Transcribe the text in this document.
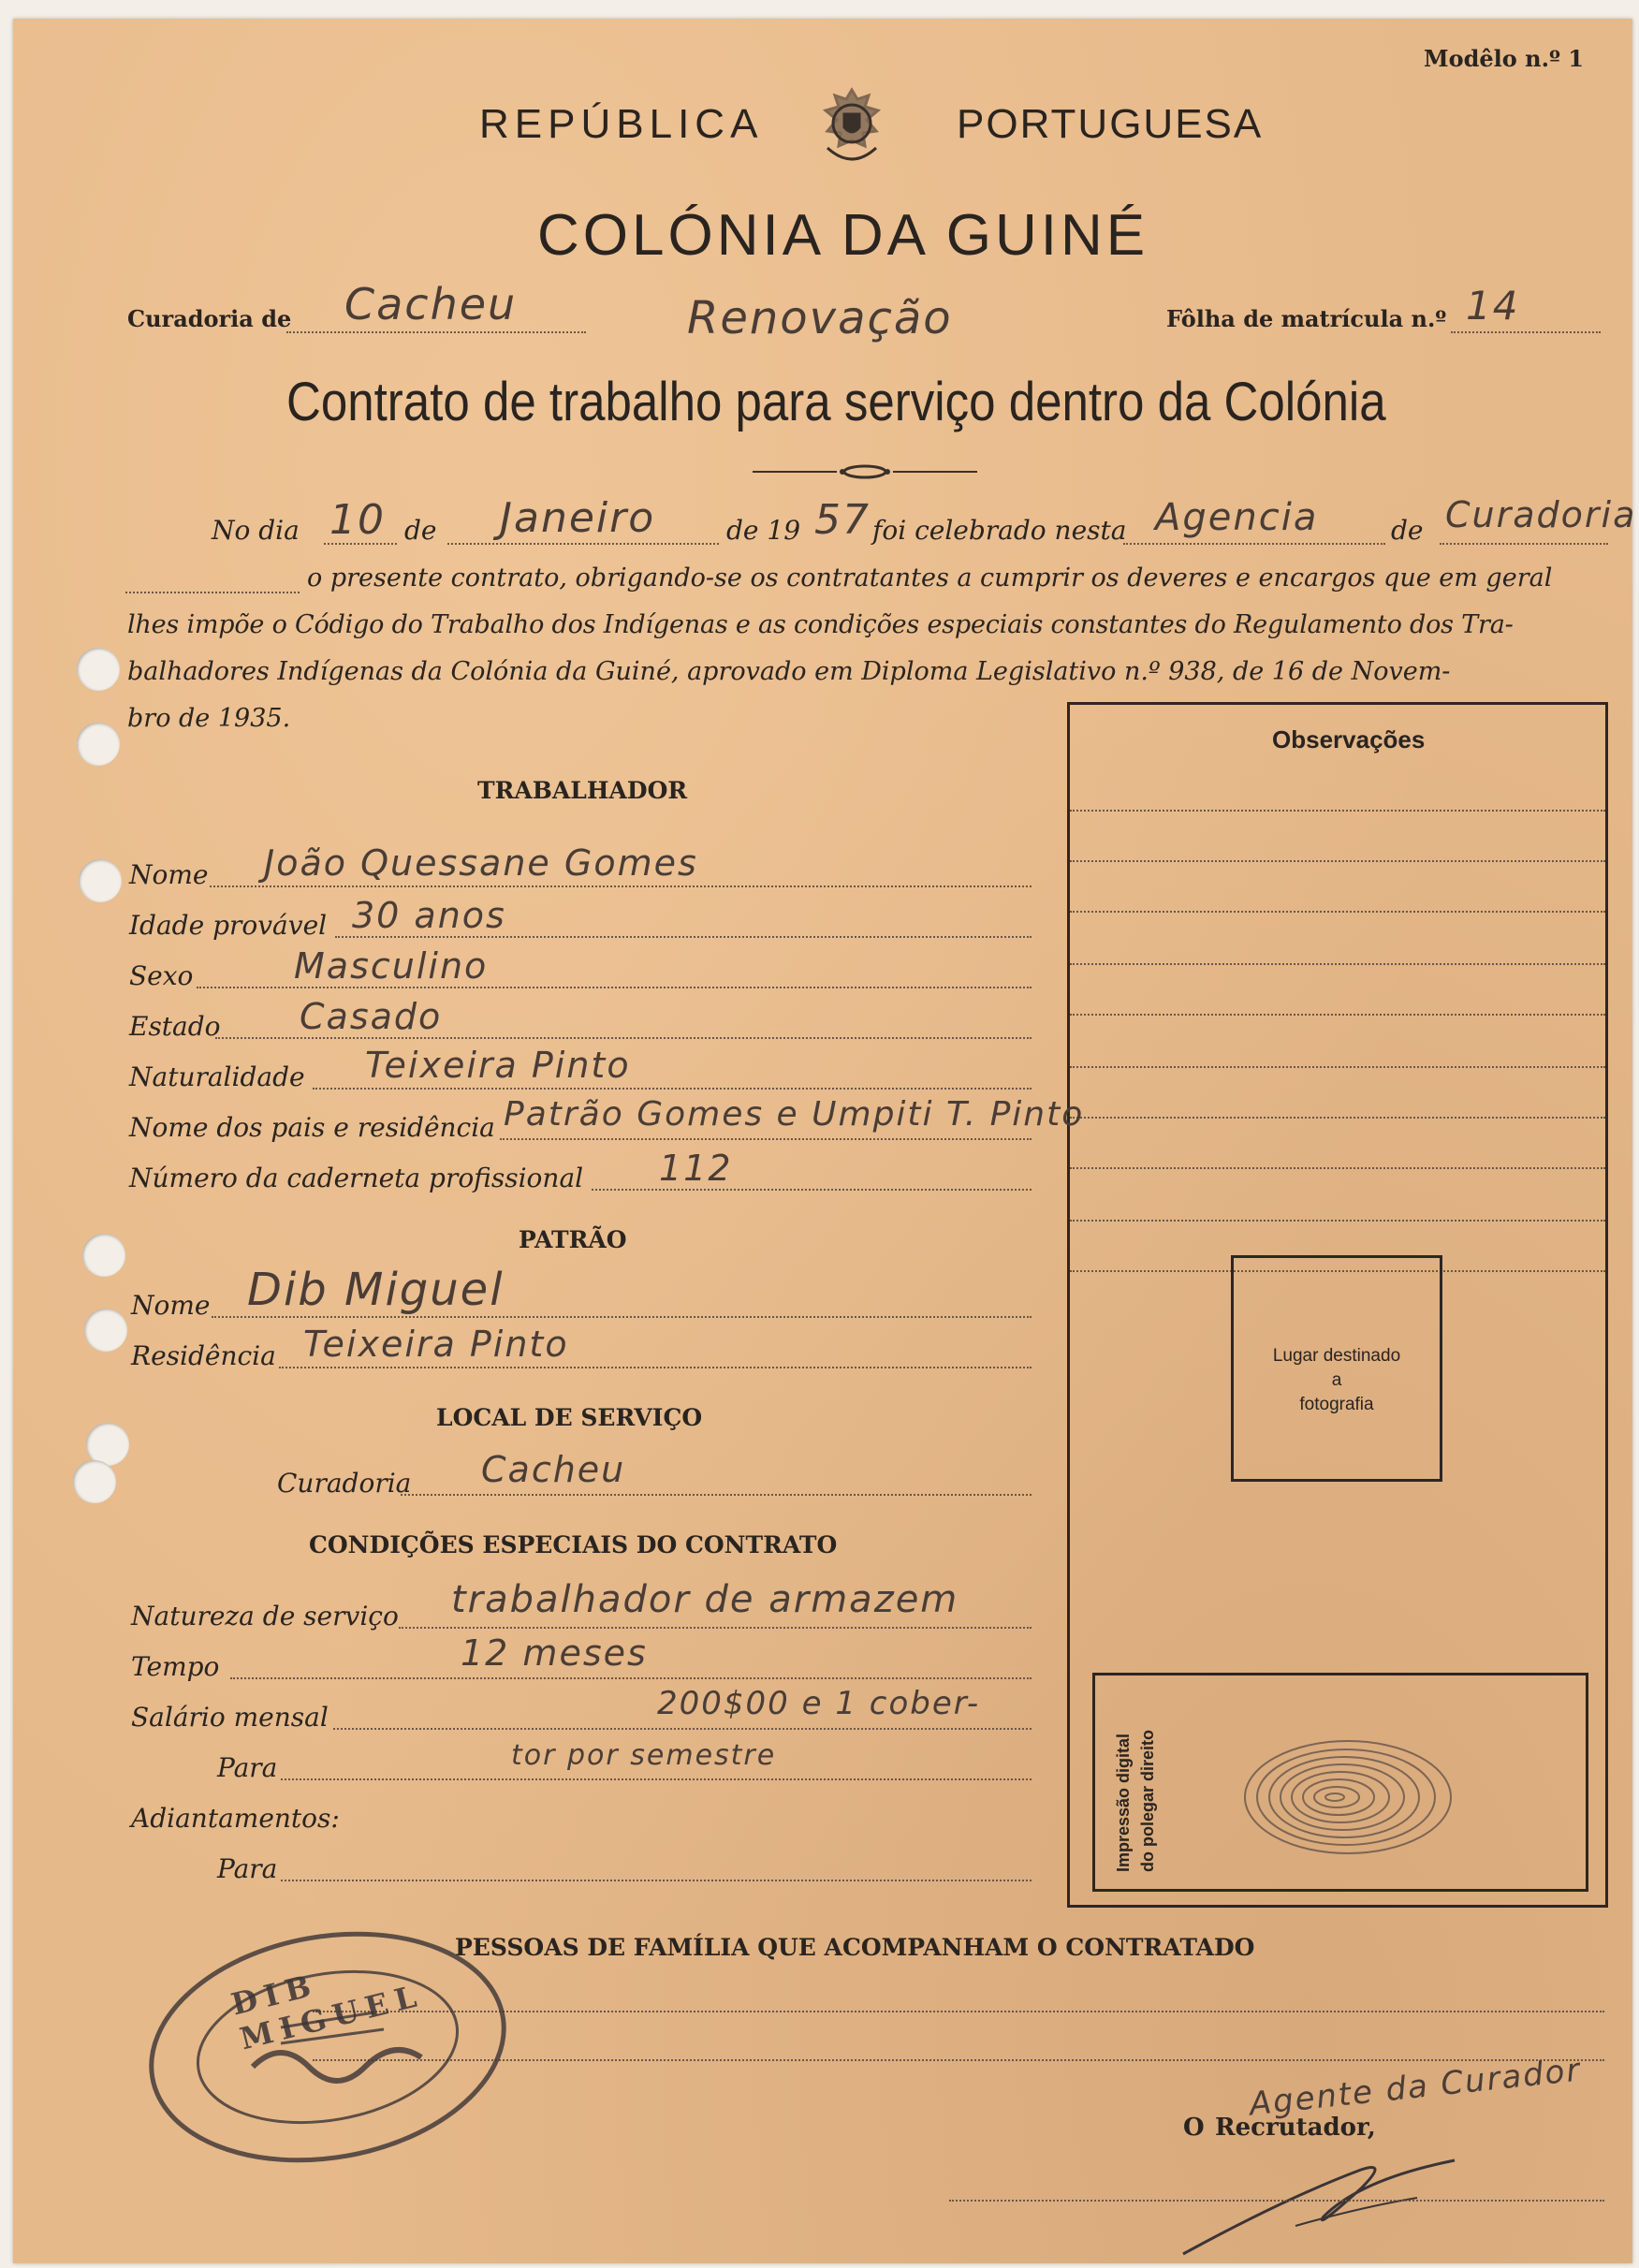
Modêlo n.º 1
REPÚBLICA	PORTUGUESA
COLÓNIA DA GUINÉ
Curadoria de Cacheu	Renovação	Fôlha de matrícula n.º 14
Contrato de trabalho para serviço dentro da Colónia
No dia 10 de Janeiro	de 19 57 foi celebrado nesta Agencia	de Curadoria
o presente contrato, obrigando-se os contratantes a cumprir os deveres e encargos que em geral
lhes impõe o Código do Trabalho dos Indígenas e as condições especiais constantes do Regulamento dos Tra-
balhadores Indígenas da Colónia da Guiné, aprovado em Diploma Legislativo n.º 938, de 16 de Novem-
bro de 1935.
Observações
Lugar destinado
a
fotografia
Impressão digital do polegar direito
TRABALHADOR
Nome João Quessane Gomes
Idade provável 30 anos
Sexo	Masculino
Estado Casado
Naturalidade Teixeira Pinto
Nome dos pais e residência Patrão Gomes e Umpiti T. Pinto
Número da caderneta profissional 112
PATRÃO
Nome Dib Miguel
Residência Teixeira Pinto
LOCAL DE SERVIÇO
Curadoria Cacheu
CONDIÇÕES ESPECIAIS DO CONTRATO
Natureza de serviço trabalhador de armazem
Tempo	12 meses
Salário mensal	200$00 e 1 cober-
Para	tor por semestre
Adiantamentos:
Para
PESSOAS DE FAMÍLIA QUE ACOMPANHAM O CONTRATADO
DIB MIGUEL
Agente da Curador
O Recrutador,
